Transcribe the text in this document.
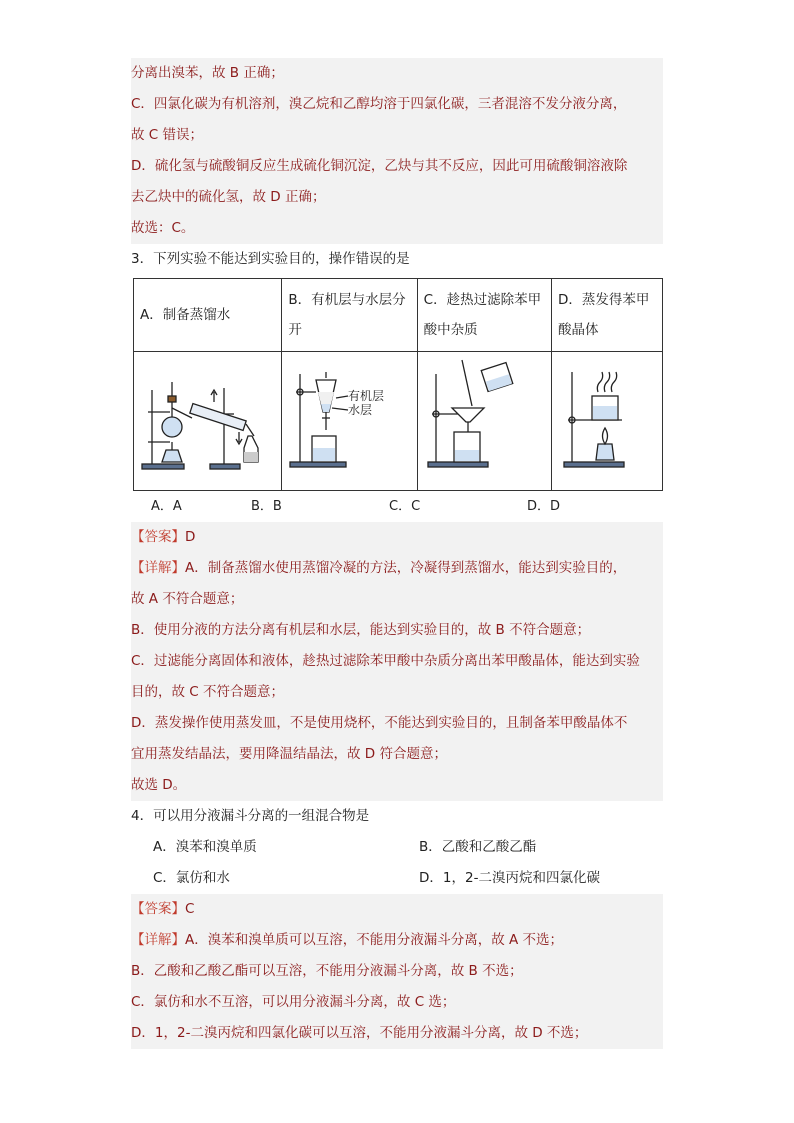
分离出溴苯，故 B 正确；
C．四氯化碳为有机溶剂，溴乙烷和乙醇均溶于四氯化碳，三者混溶不发分液分离，
故 C 错误；
D．硫化氢与硫酸铜反应生成硫化铜沉淀，乙炔与其不反应，因此可用硫酸铜溶液除
去乙炔中的硫化氢，故 D 正确；
故选：C。
3．下列实验不能达到实验目的，操作错误的是
A．制备蒸馏水	B．有机层与水层分开	C．趁热过滤除苯甲酸中杂质	D．蒸发得苯甲酸晶体

有机层
水层

A．A	B．B	C．C	D．D
【答案】D
【详解】A．制备蒸馏水使用蒸馏冷凝的方法，冷凝得到蒸馏水，能达到实验目的，
故 A 不符合题意；
B．使用分液的方法分离有机层和水层，能达到实验目的，故 B 不符合题意；
C．过滤能分离固体和液体，趁热过滤除苯甲酸中杂质分离出苯甲酸晶体，能达到实验
目的，故 C 不符合题意；
D．蒸发操作使用蒸发皿，不是使用烧杯，不能达到实验目的，且制备苯甲酸晶体不
宜用蒸发结晶法，要用降温结晶法，故 D 符合题意；
故选 D。
4．可以用分液漏斗分离的一组混合物是
A．溴苯和溴单质	B．乙酸和乙酸乙酯
C．氯仿和水	D．1，2-二溴丙烷和四氯化碳
【答案】C
【详解】A．溴苯和溴单质可以互溶，不能用分液漏斗分离，故 A 不选；
B．乙酸和乙酸乙酯可以互溶，不能用分液漏斗分离，故 B 不选；
C．氯仿和水不互溶，可以用分液漏斗分离，故 C 选；
D．1，2-二溴丙烷和四氯化碳可以互溶，不能用分液漏斗分离，故 D 不选；
